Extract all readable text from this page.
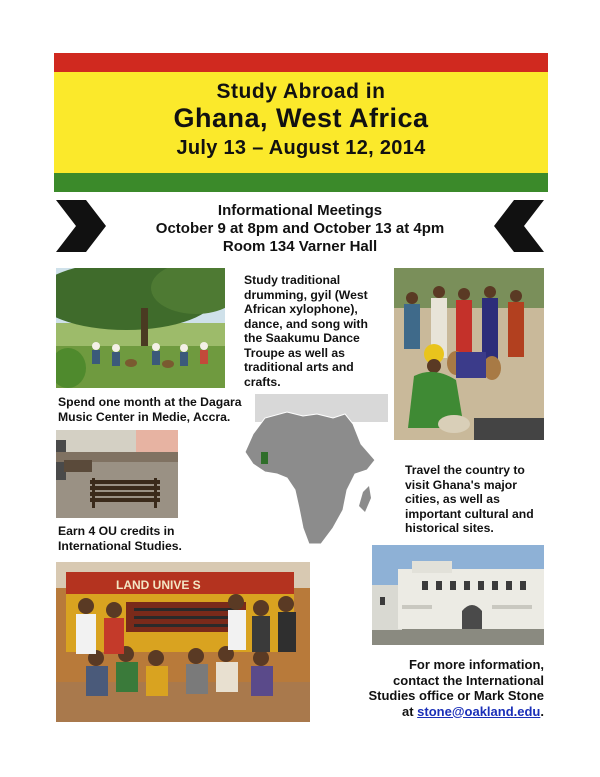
Study Abroad in
Ghana, West Africa
July 13 – August 12, 2014
Informational Meetings
October 9 at 8pm and October 13 at 4pm
Room 134 Varner Hall
Study traditional
drumming, gyil (West
African xylophone),
dance, and song with
the Saakumu Dance
Troupe as well as
traditional arts and
crafts.
Spend one month at the Dagara
Music Center in Medie, Accra.
Travel the country to
visit Ghana's major
cities, as well as
important cultural and
historical sites.
Earn 4 OU credits in
International Studies.
LAND UNIVE S
For more information,
contact the International
Studies office or Mark Stone
at stone@oakland.edu.
